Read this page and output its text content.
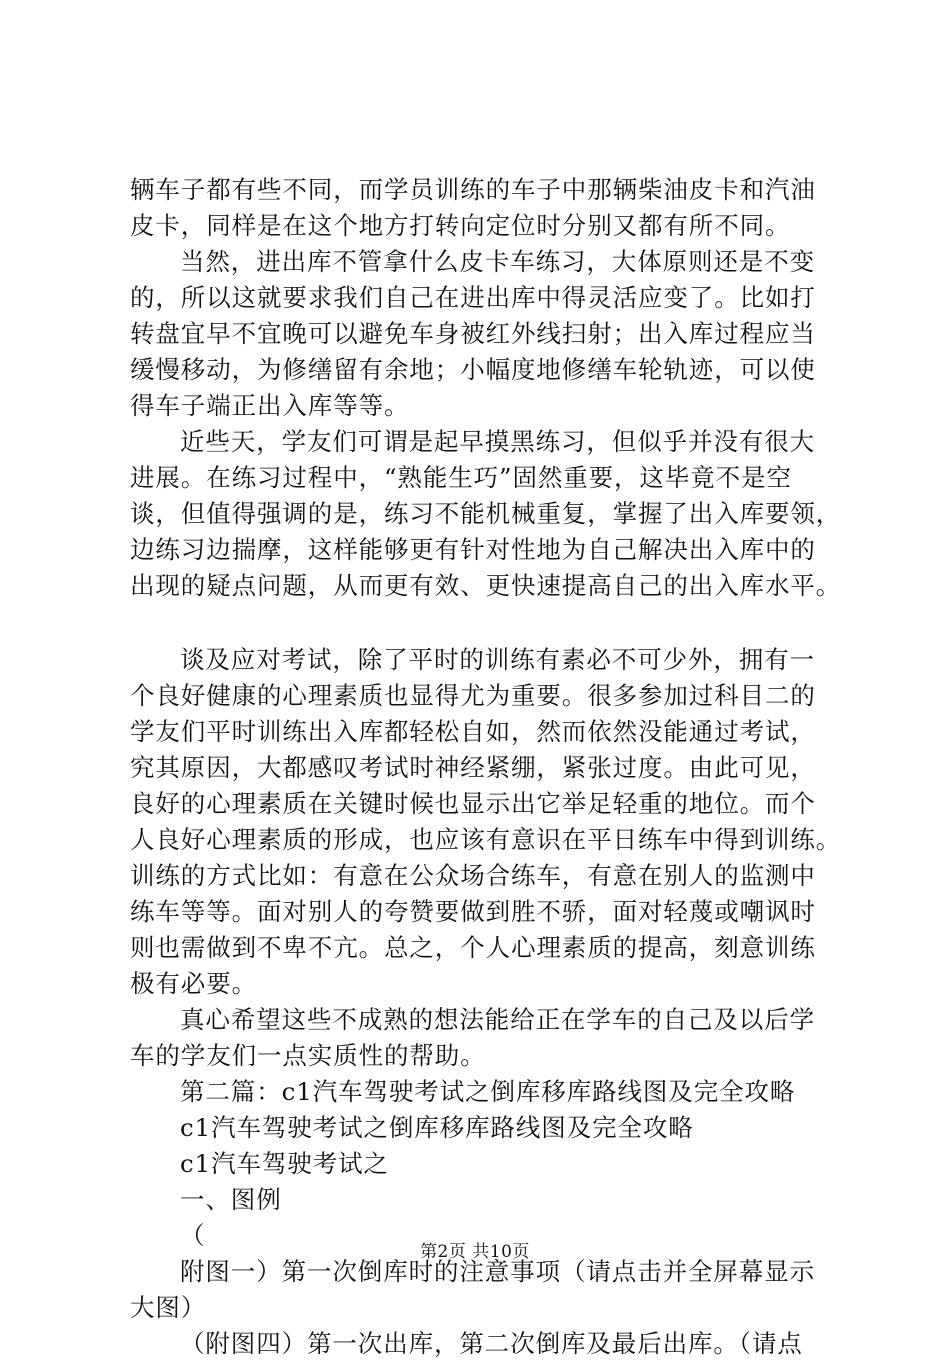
辆车子都有些不同，而学员训练的车子中那辆柴油皮卡和汽油
皮卡，同样是在这个地方打转向定位时分别又都有所不同。
当然，进出库不管拿什么皮卡车练习，大体原则还是不变
的，所以这就要求我们自己在进出库中得灵活应变了。比如打
转盘宜早不宜晚可以避免车身被红外线扫射；出入库过程应当
缓慢移动，为修缮留有余地；小幅度地修缮车轮轨迹，可以使
得车子端正出入库等等。
近些天，学友们可谓是起早摸黑练习，但似乎并没有很大
进展。在练习过程中，“熟能生巧”固然重要，这毕竟不是空
谈，但值得强调的是，练习不能机械重复，掌握了出入库要领，
边练习边揣摩，这样能够更有针对性地为自己解决出入库中的
出现的疑点问题，从而更有效、更快速提高自己的出入库水平。
谈及应对考试，除了平时的训练有素必不可少外，拥有一
个良好健康的心理素质也显得尤为重要。很多参加过科目二的
学友们平时训练出入库都轻松自如，然而依然没能通过考试，
究其原因，大都感叹考试时神经紧绷，紧张过度。由此可见，
良好的心理素质在关键时候也显示出它举足轻重的地位。而个
人良好心理素质的形成，也应该有意识在平日练车中得到训练。
训练的方式比如：有意在公众场合练车，有意在别人的监测中
练车等等。面对别人的夸赞要做到胜不骄，面对轻蔑或嘲讽时
则也需做到不卑不亢。总之，个人心理素质的提高，刻意训练
极有必要。
真心希望这些不成熟的想法能给正在学车的自己及以后学
车的学友们一点实质性的帮助。
第二篇：c1汽车驾驶考试之倒库移库路线图及完全攻略
c1汽车驾驶考试之倒库移库路线图及完全攻略
c1汽车驾驶考试之
一、图例
（
附图一）第一次倒库时的注意事项（请点击并全屏幕显示
大图）
（附图四）第一次出库，第二次倒库及最后出库。（请点
第2页 共10页
